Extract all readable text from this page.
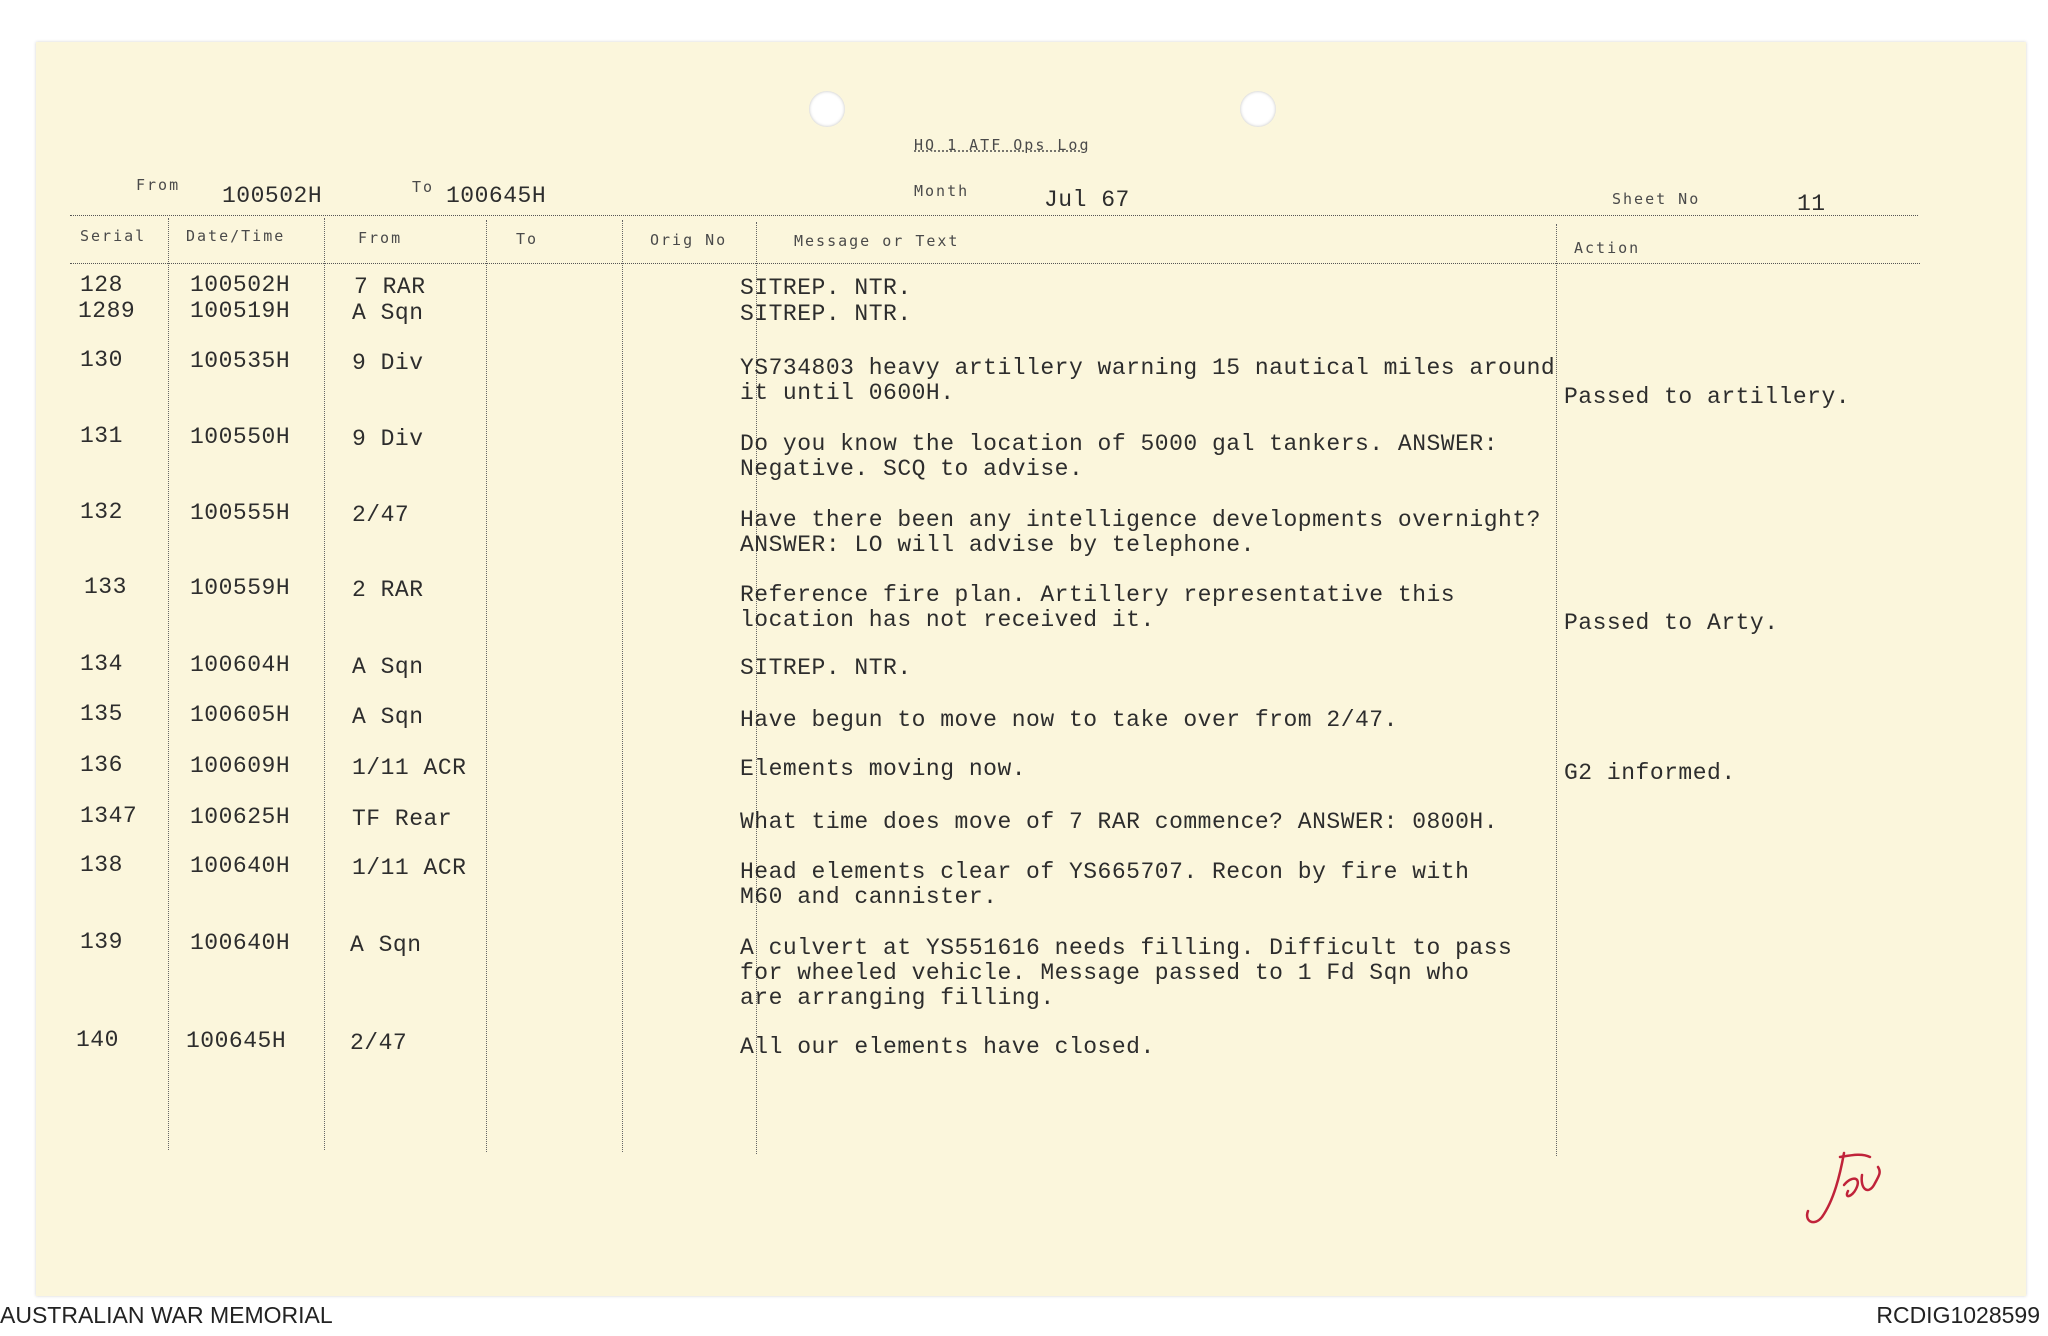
HQ 1 ATF Ops Log
From 100502H	To 100645H	Month	Jul 67	Sheet No	11
Serial	Date/Time	From	To	Orig No	Message or Text	Action
128	100502H	7 RAR	SITREP. NTR.
1289 100519H	A Sqn	SITREP. NTR.
130	100535H	9 Div	YS734803 heavy artillery warning 15 nautical miles around
it until 0600H.	Passed to artillery.
131	100550H	9 Div	Do you know the location of 5000 gal tankers. ANSWER:
Negative. SCQ to advise.
132	100555H	2/47	Have there been any intelligence developments overnight?
ANSWER: LO will advise by telephone.
133	100559H	2 RAR	Reference fire plan. Artillery representative this
location has not received it.	Passed to Arty.
134	100604H	A Sqn	SITREP. NTR.
135	100605H	A Sqn	Have begun to move now to take over from 2/47.
136	100609H	1/11 ACR	Elements moving now.	G2 informed.
1347 100625H	TF Rear	What time does move of 7 RAR commence? ANSWER: 0800H.
138	100640H	1/11 ACR	Head elements clear of YS665707. Recon by fire with
M60 and cannister.
139	100640H	A Sqn	A culvert at YS551616 needs filling. Difficult to pass
for wheeled vehicle. Message passed to 1 Fd Sqn who
are arranging filling.
140	100645H	2/47	All our elements have closed.
AUSTRALIAN WAR MEMORIAL	RCDIG1028599
